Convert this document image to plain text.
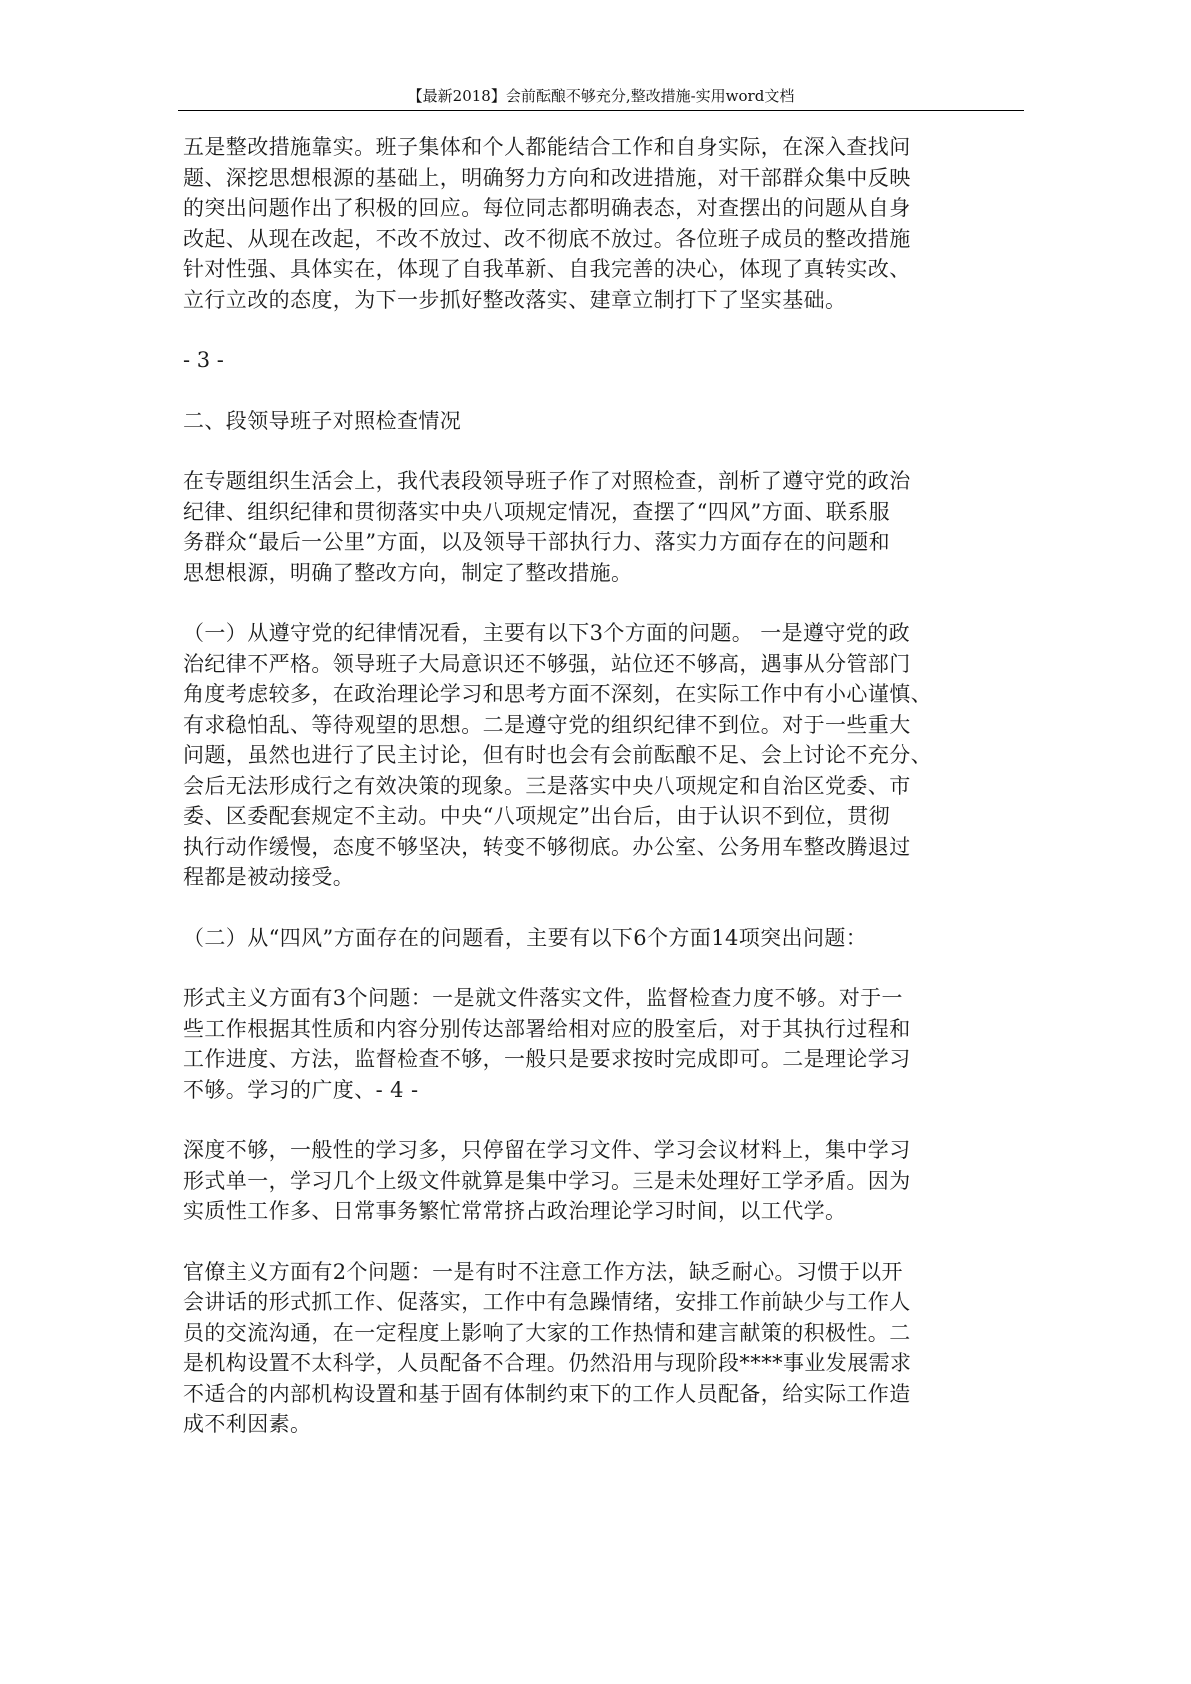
【最新2018】会前酝酿不够充分,整改措施-实用word文档
五是整改措施靠实。班子集体和个人都能结合工作和自身实际，在深入查找问
题、深挖思想根源的基础上，明确努力方向和改进措施，对干部群众集中反映
的突出问题作出了积极的回应。每位同志都明确表态，对查摆出的问题从自身
改起、从现在改起，不改不放过、改不彻底不放过。各位班子成员的整改措施
针对性强、具体实在，体现了自我革新、自我完善的决心，体现了真转实改、
立行立改的态度，为下一步抓好整改落实、建章立制打下了坚实基础。
- 3 -
二、段领导班子对照检查情况
在专题组织生活会上，我代表段领导班子作了对照检查，剖析了遵守党的政治
纪律、组织纪律和贯彻落实中央八项规定情况，查摆了“四风”方面、联系服
务群众“最后一公里”方面，以及领导干部执行力、落实力方面存在的问题和
思想根源，明确了整改方向，制定了整改措施。
（一）从遵守党的纪律情况看，主要有以下3个方面的问题。 一是遵守党的政
治纪律不严格。领导班子大局意识还不够强，站位还不够高，遇事从分管部门
角度考虑较多，在政治理论学习和思考方面不深刻，在实际工作中有小心谨慎、
有求稳怕乱、等待观望的思想。二是遵守党的组织纪律不到位。对于一些重大
问题，虽然也进行了民主讨论，但有时也会有会前酝酿不足、会上讨论不充分、
会后无法形成行之有效决策的现象。三是落实中央八项规定和自治区党委、市
委、区委配套规定不主动。中央“八项规定”出台后，由于认识不到位，贯彻
执行动作缓慢，态度不够坚决，转变不够彻底。办公室、公务用车整改腾退过
程都是被动接受。
（二）从“四风”方面存在的问题看，主要有以下6个方面14项突出问题：
形式主义方面有3个问题：一是就文件落实文件，监督检查力度不够。对于一
些工作根据其性质和内容分别传达部署给相对应的股室后，对于其执行过程和
工作进度、方法，监督检查不够，一般只是要求按时完成即可。二是理论学习
不够。学习的广度、- 4 -
深度不够，一般性的学习多，只停留在学习文件、学习会议材料上，集中学习
形式单一，学习几个上级文件就算是集中学习。三是未处理好工学矛盾。因为
实质性工作多、日常事务繁忙常常挤占政治理论学习时间，以工代学。
官僚主义方面有2个问题：一是有时不注意工作方法，缺乏耐心。习惯于以开
会讲话的形式抓工作、促落实，工作中有急躁情绪，安排工作前缺少与工作人
员的交流沟通，在一定程度上影响了大家的工作热情和建言献策的积极性。二
是机构设置不太科学，人员配备不合理。仍然沿用与现阶段****事业发展需求
不适合的内部机构设置和基于固有体制约束下的工作人员配备，给实际工作造
成不利因素。
